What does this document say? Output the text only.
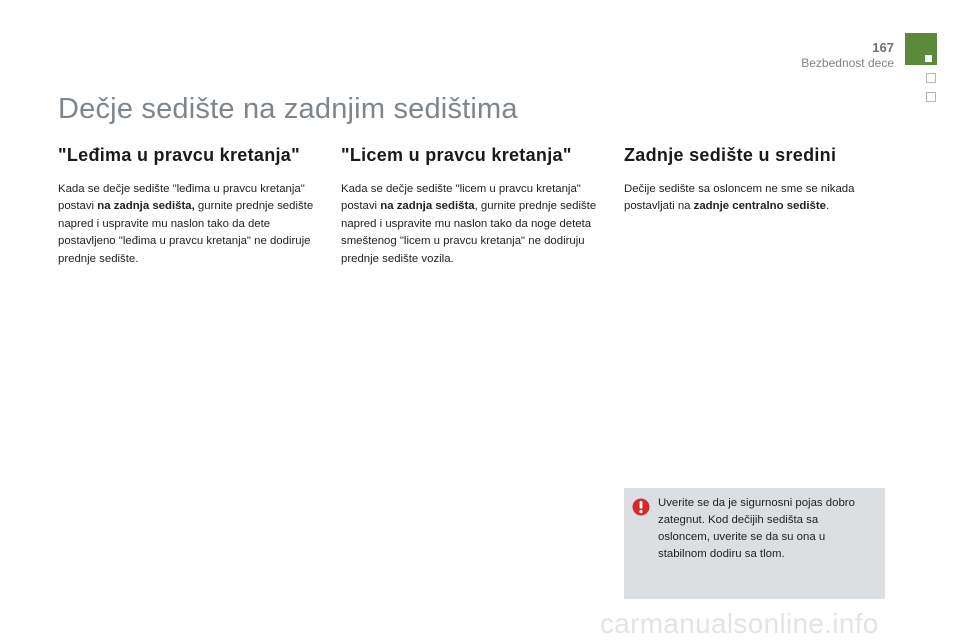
167
Bezbednost dece
Dečje sedište na zadnjim sedištima
"Leđima u pravcu kretanja"

Kada se dečje sedište "leđima u pravcu kretanja" postavi na zadnja sedišta, gurnite prednje sedište napred i uspravite mu naslon tako da dete postavljeno "leđima u pravcu kretanja" ne dodiruje prednje sedište.

"Licem u pravcu kretanja"

Kada se dečje sedište "licem u pravcu kretanja" postavi na zadnja sedišta, gurnite prednje sedište napred i uspravite mu naslon tako da noge deteta smeštenog "licem u pravcu kretanja" ne dodiruju prednje sedište vozila.

Zadnje sedište u sredini

Dečije sedište sa osloncem ne sme se nikada postavljati na zadnje centralno sedište.

Uverite se da je sigurnosni pojas dobro zategnut. Kod dečijih sedišta sa osloncem, uverite se da su ona u stabilnom dodiru sa tlom.

carmanualsonline.info
